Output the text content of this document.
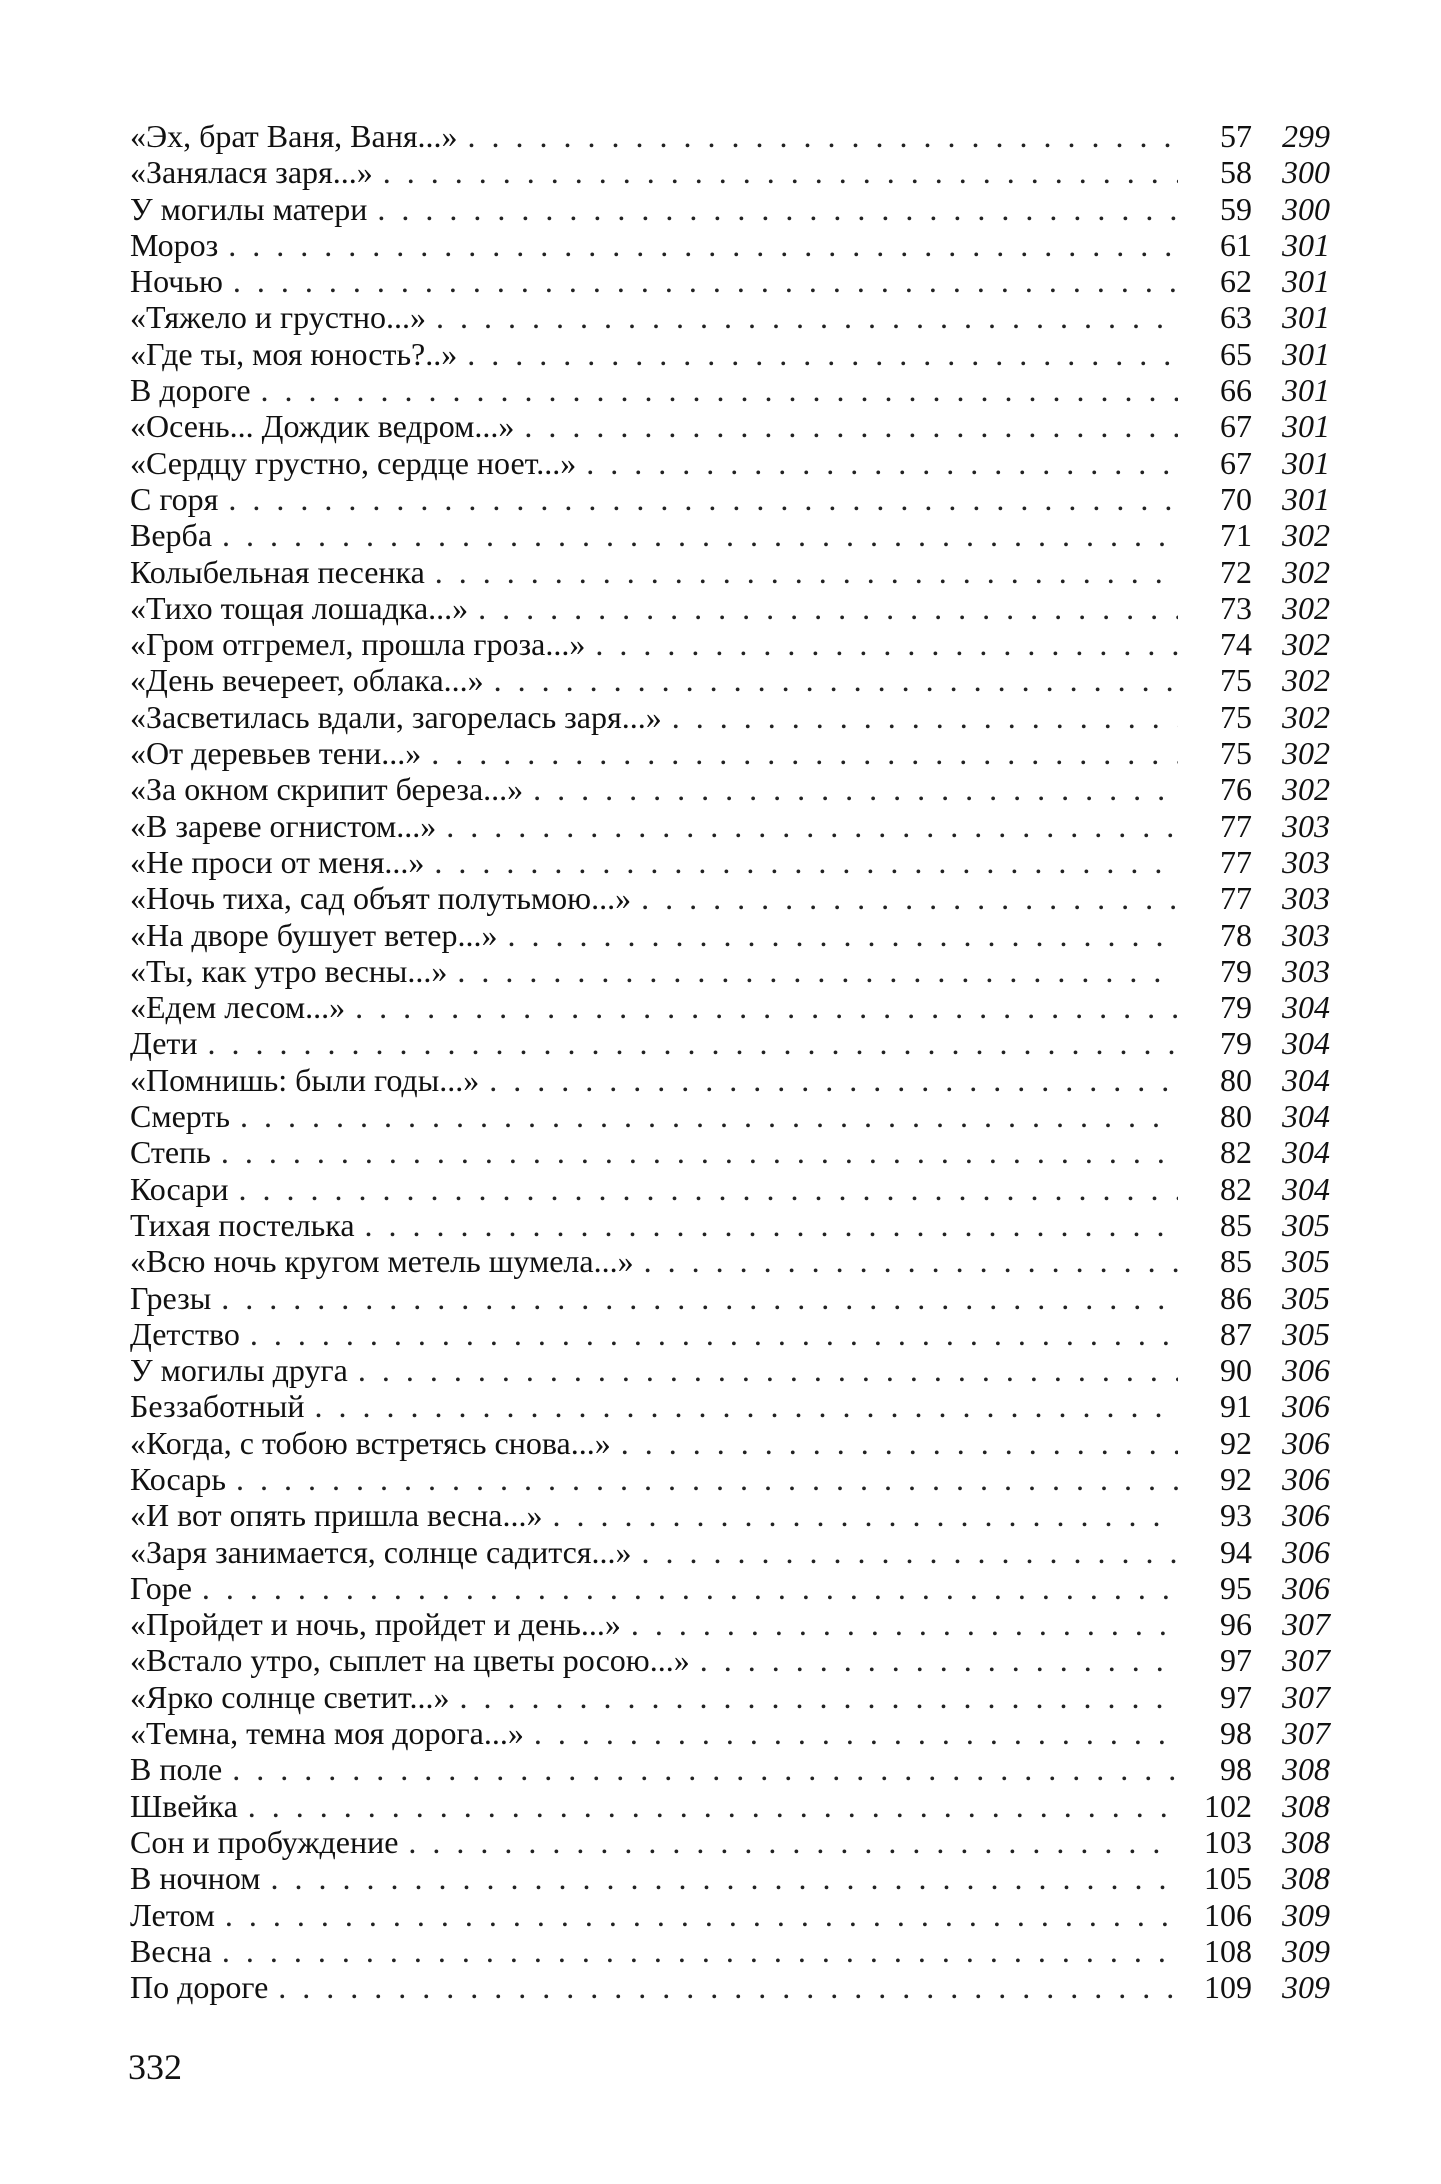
«Эх, брат Ваня, Ваня...» . . .	57 299
«Занялася заря...» . . .	58 300
У могилы матери . . .	59 300
Мороз . . .	61 301
Ночью . . .	62 301
«Тяжело и грустно...» . . .	63 301
«Где ты, моя юность?..» . . .	65 301
В дороге . . .	66 301
«Осень... Дождик ведром...» . . .	67 301
«Сердцу грустно, сердце ноет...» . . .	67 301
С горя . . .	70 301
Верба . . .	71 302
Колыбельная песенка . . .	72 302
«Тихо тощая лошадка...» . . .	73 302
«Гром отгремел, прошла гроза...» . . .	74 302
«День вечереет, облака...» . . .	75 302
«Засветилась вдали, загорелась заря...» . . .	75 302
«От деревьев тени...» . . .	75 302
«За окном скрипит береза...» . . .	76 302
«В зареве огнистом...» . . .	77 303
«Не проси от меня...» . . .	77 303
«Ночь тиха, сад объят полутьмою...» . . .	77 303
«На дворе бушует ветер...» . . .	78 303
«Ты, как утро весны...» . . .	79 303
«Едем лесом...» . . .	79 304
Дети . . .	79 304
«Помнишь: были годы...» . . .	80 304
Смерть . . .	80 304
Степь . . .	82 304
Косари . . .	82 304
Тихая постелька . . .	85 305
«Всю ночь кругом метель шумела...» . . .	85 305
Грезы . . .	86 305
Детство . . .	87 305
У могилы друга . . .	90 306
Беззаботный . . .	91 306
«Когда, с тобою встретясь снова...» . . .	92 306
Косарь . . .	92 306
«И вот опять пришла весна...» . . .	93 306
«Заря занимается, солнце садится...» . . .	94 306
Горе . . .	95 306
«Пройдет и ночь, пройдет и день...» . . .	96 307
«Встало утро, сыплет на цветы росою...» . . .	97 307
«Ярко солнце светит...» . . .	97 307
«Темна, темна моя дорога...» . . .	98 307
В поле . . .	98 308
Швейка . . .	102 308
Сон и пробуждение . . .	103 308
В ночном . . .	105 308
Летом . . .	106 309
Весна . . .	108 309
По дороге . . .	109 309
332
